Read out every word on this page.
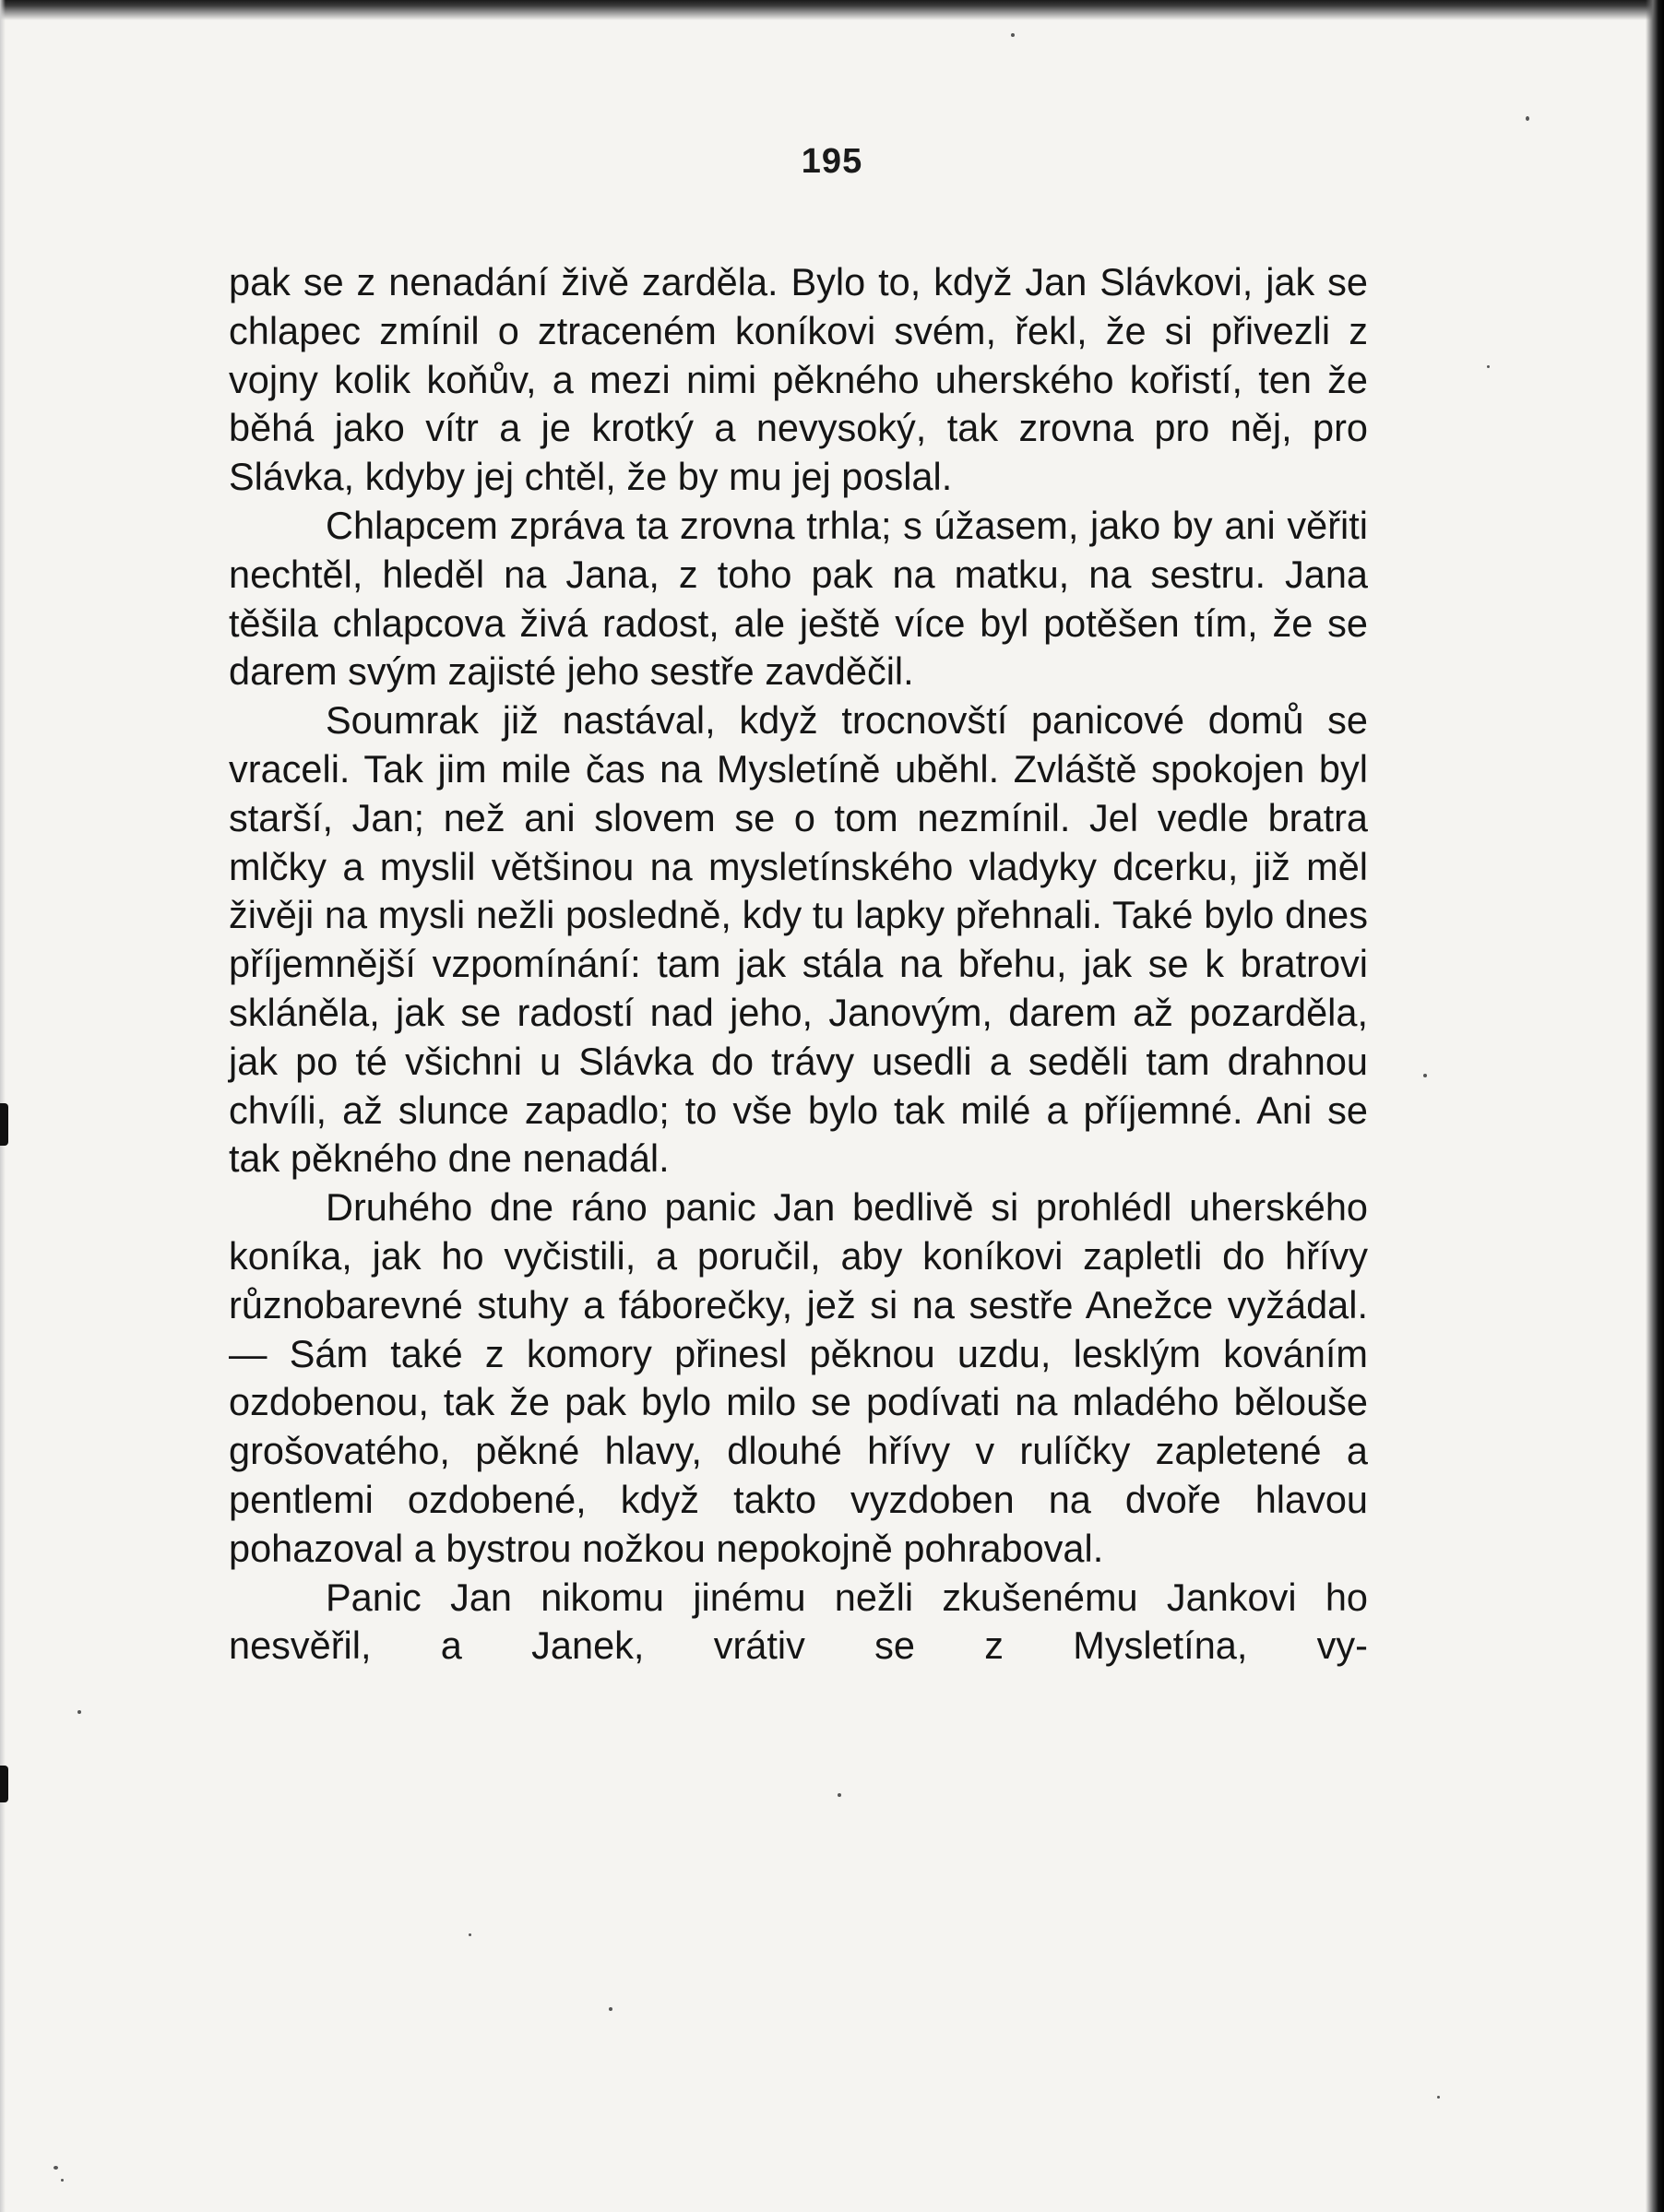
195

pak se z nenadání živě zarděla. Bylo to, když Jan Slávkovi, jak se chlapec zmínil o ztraceném koníkovi svém, řekl, že si přivezli z vojny kolik koňův, a mezi nimi pěkného uherského kořistí, ten že běhá jako vítr a je krotký a nevysoký, tak zrovna pro něj, pro Slávka, kdyby jej chtěl, že by mu jej poslal.

Chlapcem zpráva ta zrovna trhla; s úžasem, jako by ani věřiti nechtěl, hleděl na Jana, z toho pak na matku, na sestru. Jana těšila chlapcova živá radost, ale ještě více byl potěšen tím, že se darem svým zajisté jeho sestře zavděčil.

Soumrak již nastával, když trocnovští panicové domů se vraceli. Tak jim mile čas na Mysletíně uběhl. Zvláště spokojen byl starší, Jan; než ani slovem se o tom nezmínil. Jel vedle bratra mlčky a myslil většinou na mysletínského vladyky dcerku, již měl živěji na mysli nežli posledně, kdy tu lapky přehnali. Také bylo dnes příjemnější vzpomínání: tam jak stála na břehu, jak se k bratrovi skláněla, jak se radostí nad jeho, Janovým, darem až pozarděla, jak po té všichni u Slávka do trávy usedli a seděli tam drahnou chvíli, až slunce zapadlo; to vše bylo tak milé a příjemné. Ani se tak pěkného dne nenadál.

Druhého dne ráno panic Jan bedlivě si prohlédl uherského koníka, jak ho vyčistili, a poručil, aby koníkovi zapletli do hřívy různobarevné stuhy a fáborečky, jež si na sestře Anežce vyžádal. — Sám také z komory přinesl pěknou uzdu, lesklým kováním ozdobenou, tak že pak bylo milo se podívati na mladého bělouše grošovatého, pěkné hlavy, dlouhé hřívy v rulíčky zapletené a pentlemi ozdobené, když takto vyzdoben na dvoře hlavou pohazoval a bystrou nožkou nepokojně pohraboval.

Panic Jan nikomu jinému nežli zkušenému Jankovi ho nesvěřil, a Janek, vrátiv se z Mysletína, vy-
